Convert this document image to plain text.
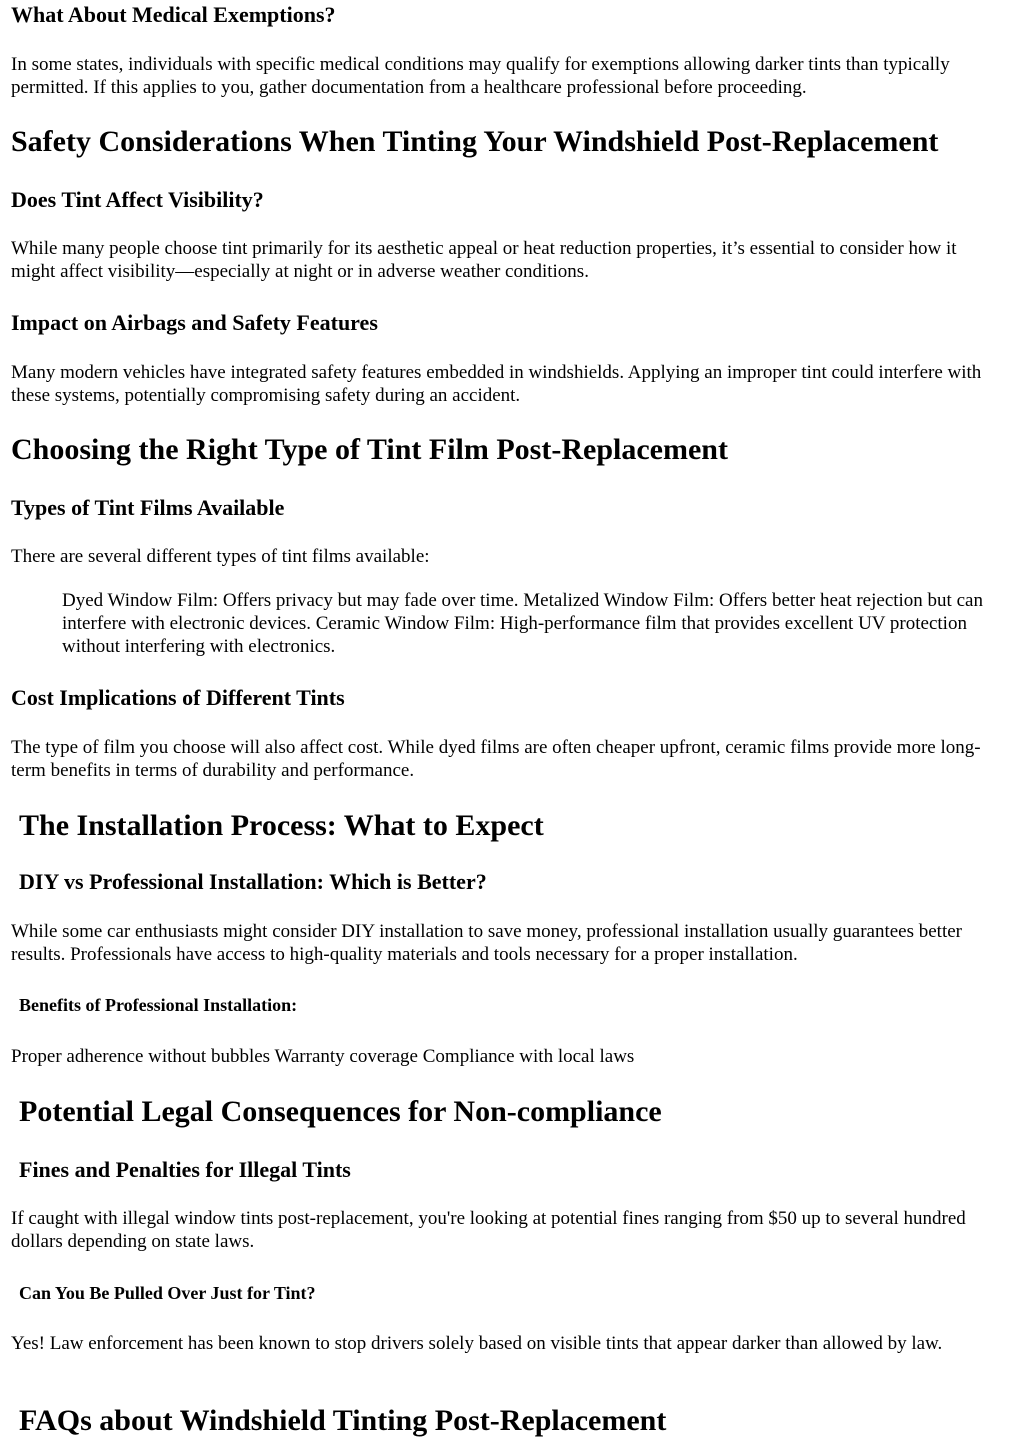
What About Medical Exemptions?

In some states, individuals with specific medical conditions may qualify for exemptions allowing darker tints than typically permitted. If this applies to you, gather documentation from a healthcare professional before proceeding.

Safety Considerations When Tinting Your Windshield Post-Replacement
Does Tint Affect Visibility?

While many people choose tint primarily for its aesthetic appeal or heat reduction properties, it’s essential to consider how it might affect visibility—especially at night or in adverse weather conditions.

Impact on Airbags and Safety Features

Many modern vehicles have integrated safety features embedded in windshields. Applying an improper tint could interfere with these systems, potentially compromising safety during an accident.

Choosing the Right Type of Tint Film Post-Replacement
Types of Tint Films Available

There are several different types of tint films available:

Dyed Window Film: Offers privacy but may fade over time. Metalized Window Film: Offers better heat rejection but can interfere with electronic devices. Ceramic Window Film: High-performance film that provides excellent UV protection without interfering with electronics.

Cost Implications of Different Tints

The type of film you choose will also affect cost. While dyed films are often cheaper upfront, ceramic films provide more long-term benefits in terms of durability and performance.

The Installation Process: What to Expect
DIY vs Professional Installation: Which is Better?

While some car enthusiasts might consider DIY installation to save money, professional installation usually guarantees better results. Professionals have access to high-quality materials and tools necessary for a proper installation.

Benefits of Professional Installation:

Proper adherence without bubbles Warranty coverage Compliance with local laws

Potential Legal Consequences for Non-compliance
Fines and Penalties for Illegal Tints

If caught with illegal window tints post-replacement, you're looking at potential fines ranging from $50 up to several hundred dollars depending on state laws.

Can You Be Pulled Over Just for Tint?

Yes! Law enforcement has been known to stop drivers solely based on visible tints that appear darker than allowed by law.

FAQs about Windshield Tinting Post-Replacement
